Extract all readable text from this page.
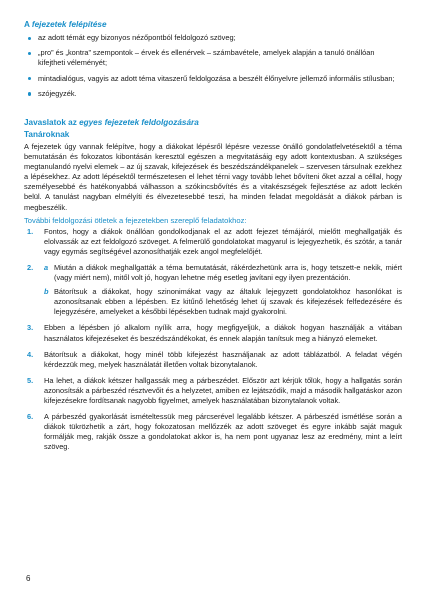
A fejezetek felépítése
az adott témát egy bizonyos nézőpontból feldolgozó szöveg;
„pro” és „kontra” szempontok – érvek és ellenérvek – számbavétele, amelyek alapján a tanuló önállóan kifejtheti véleményét;
mintadialógus, vagyis az adott téma vitaszerű feldolgozása a beszélt élőnyelvre jellemző informális stílusban;
szójegyzék.
Javaslatok az egyes fejezetek feldolgozására
Tanároknak

A fejezetek úgy vannak felépítve, hogy a diákokat lépésről lépésre vezesse önálló gondolatfelvetésektől a téma bemutatásán és fokozatos kibontásán keresztül egészen a megvitatásáig egy adott kontextusban. A szükséges megtanulandó nyelvi elemek – az új szavak, kifejezések és beszédszándékpanelek – szervesen társulnak ezekhez a lépésekhez. Az adott lépésektől természetesen el lehet térni vagy tovább lehet bővíteni őket azzal a céllal, hogy személyesebbé és hatékonyabbá válhasson a szókincsbővítés és a vitakészségek fejlesztése az adott leckén belül. A tanulást nagyban elmélyíti és élvezetesebbé teszi, ha minden feladat megoldását a diákok párban is megbeszélik.

További feldolgozási ötletek a fejezetekben szereplő feladatokhoz:
1. Fontos, hogy a diákok önállóan gondolkodjanak el az adott fejezet témájáról, mielőtt meghallgatják és elolvassák az ezt feldolgozó szöveget. A felmerülő gondolatokat magyarul is lejegyezhetik, és szótár, a tanár vagy egymás segítségével azonosíthatják ezek angol megfelelőjét.
2. a Miután a diákok meghallgatták a téma bemutatását, rákérdezhetünk arra is, hogy tetszett-e nekik, miért (vagy miért nem), mitől volt jó, hogyan lehetne még esetleg javítani egy ilyen prezentáción.
b Bátorítsuk a diákokat, hogy szinonimákat vagy az általuk lejegyzett gondolatokhoz hasonlókat is azonosítsanak ebben a lépésben. Ez kitűnő lehetőség lehet új szavak és kifejezések felfedezésére és lejegyzésére, amelyeket a későbbi lépésekben tudnak majd gyakorolni.
3. Ebben a lépésben jó alkalom nyílik arra, hogy megfigyeljük, a diákok hogyan használják a vitában használatos kifejezéseket és beszédszándékokat, és ennek alapján tanítsuk meg a hiányzó elemeket.
4. Bátorítsuk a diákokat, hogy minél több kifejezést használjanak az adott táblázatból. A feladat végén kérdezzük meg, melyek használatát illetően voltak bizonytalanok.
5. Ha lehet, a diákok kétszer hallgassák meg a párbeszédet. Először azt kérjük tőlük, hogy a hallgatás során azonosítsák a párbeszéd résztvevőit és a helyzetet, amiben ez lejátszódik, majd a második hallgatáskor azon kifejezésekre fordítsanak nagyobb figyelmet, amelyek használatában bizonytalanok voltak.
6. A párbeszéd gyakorlását ismételtessük meg párcserével legalább kétszer. A párbeszéd ismétlése során a diákok tükrözhetik a zárt, hogy fokozatosan mellőzzék az adott szöveget és egyre inkább saját maguk formálják meg, rakják össze a gondolatokat akkor is, ha nem pont ugyanaz lesz az eredmény, mint a leírt szöveg.
6
